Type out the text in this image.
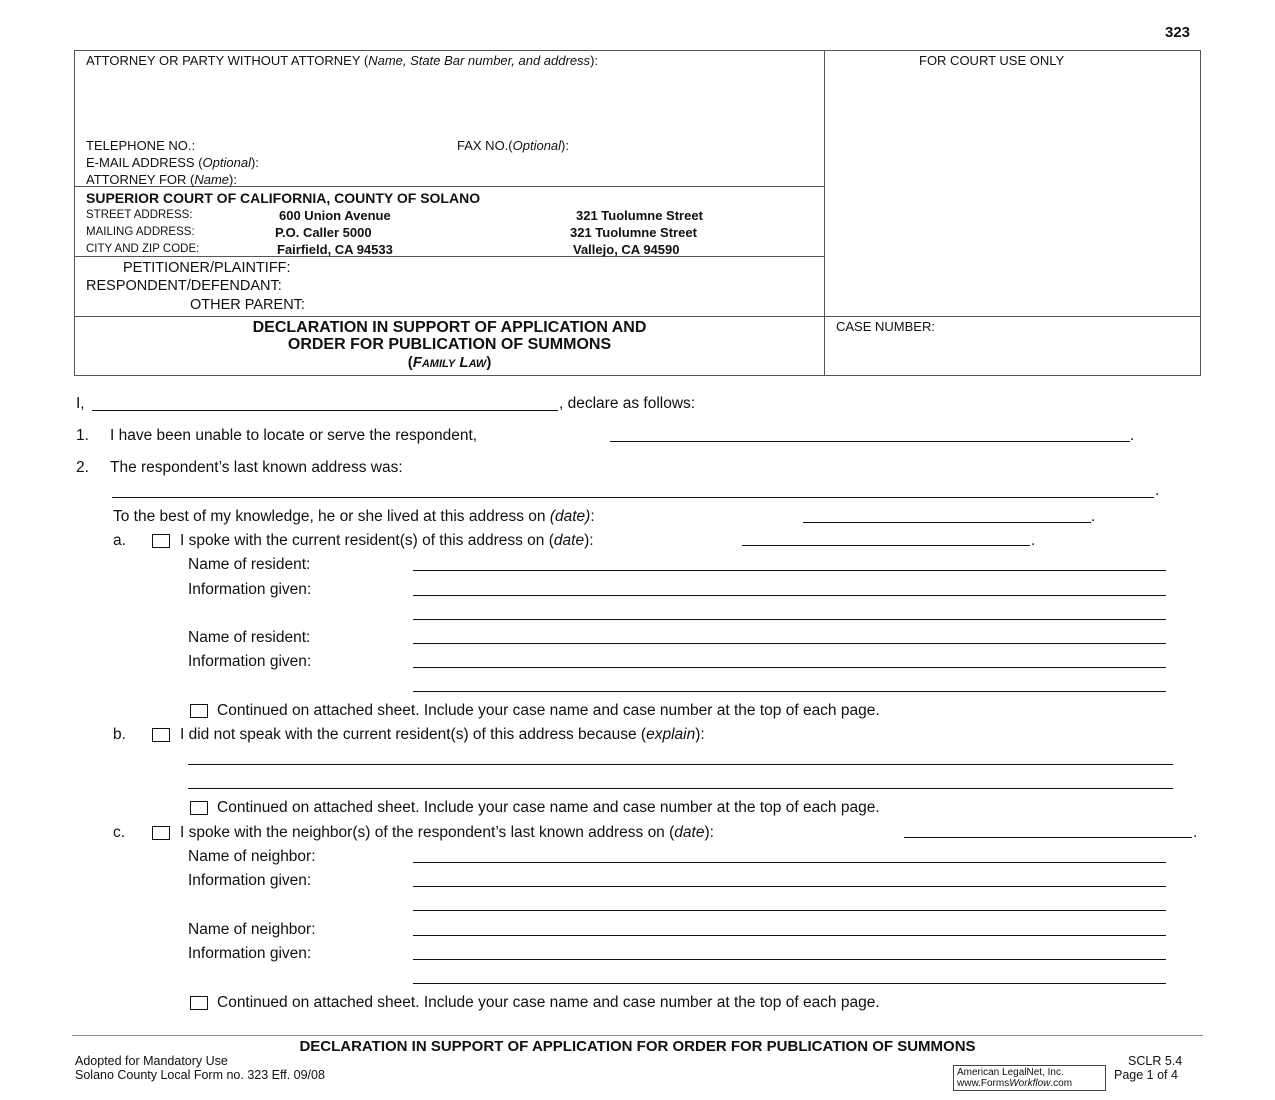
323
ATTORNEY OR PARTY WITHOUT ATTORNEY (Name, State Bar number, and address):	FOR COURT USE ONLY
TELEPHONE NO.:	FAX NO.(Optional):
E-MAIL ADDRESS (Optional):
ATTORNEY FOR (Name):
SUPERIOR COURT OF CALIFORNIA, COUNTY OF SOLANO
STREET ADDRESS:	600 Union Avenue	321 Tuolumne Street
MAILING ADDRESS:	P.O. Caller 5000	321 Tuolumne Street
CITY AND ZIP CODE:	Fairfield, CA 94533	Vallejo, CA 94590
PETITIONER/PLAINTIFF:
RESPONDENT/DEFENDANT:
OTHER PARENT:
DECLARATION IN SUPPORT OF APPLICATION AND
ORDER FOR PUBLICATION OF SUMMONS
(Family Law)
CASE NUMBER:
I,	, declare as follows:
1. I have been unable to locate or serve the respondent,	.
2. The respondent’s last known address was:
.
To the best of my knowledge, he or she lived at this address on (date):	.
a.	I spoke with the current resident(s) of this address on (date):	.
Name of resident:
Information given:
Name of resident:
Information given:
Continued on attached sheet. Include your case name and case number at the top of each page.
b.	I did not speak with the current resident(s) of this address because (explain):
Continued on attached sheet. Include your case name and case number at the top of each page.
c.	I spoke with the neighbor(s) of the respondent’s last known address on (date):	.
Name of neighbor:
Information given:
Name of neighbor:
Information given:
Continued on attached sheet. Include your case name and case number at the top of each page.
DECLARATION IN SUPPORT OF APPLICATION FOR ORDER FOR PUBLICATION OF SUMMONS
Adopted for Mandatory Use
Solano County Local Form no. 323 Eff. 09/08
SCLR 5.4
Page 1 of 4
American LegalNet, Inc.
www.FormsWorkflow.com
